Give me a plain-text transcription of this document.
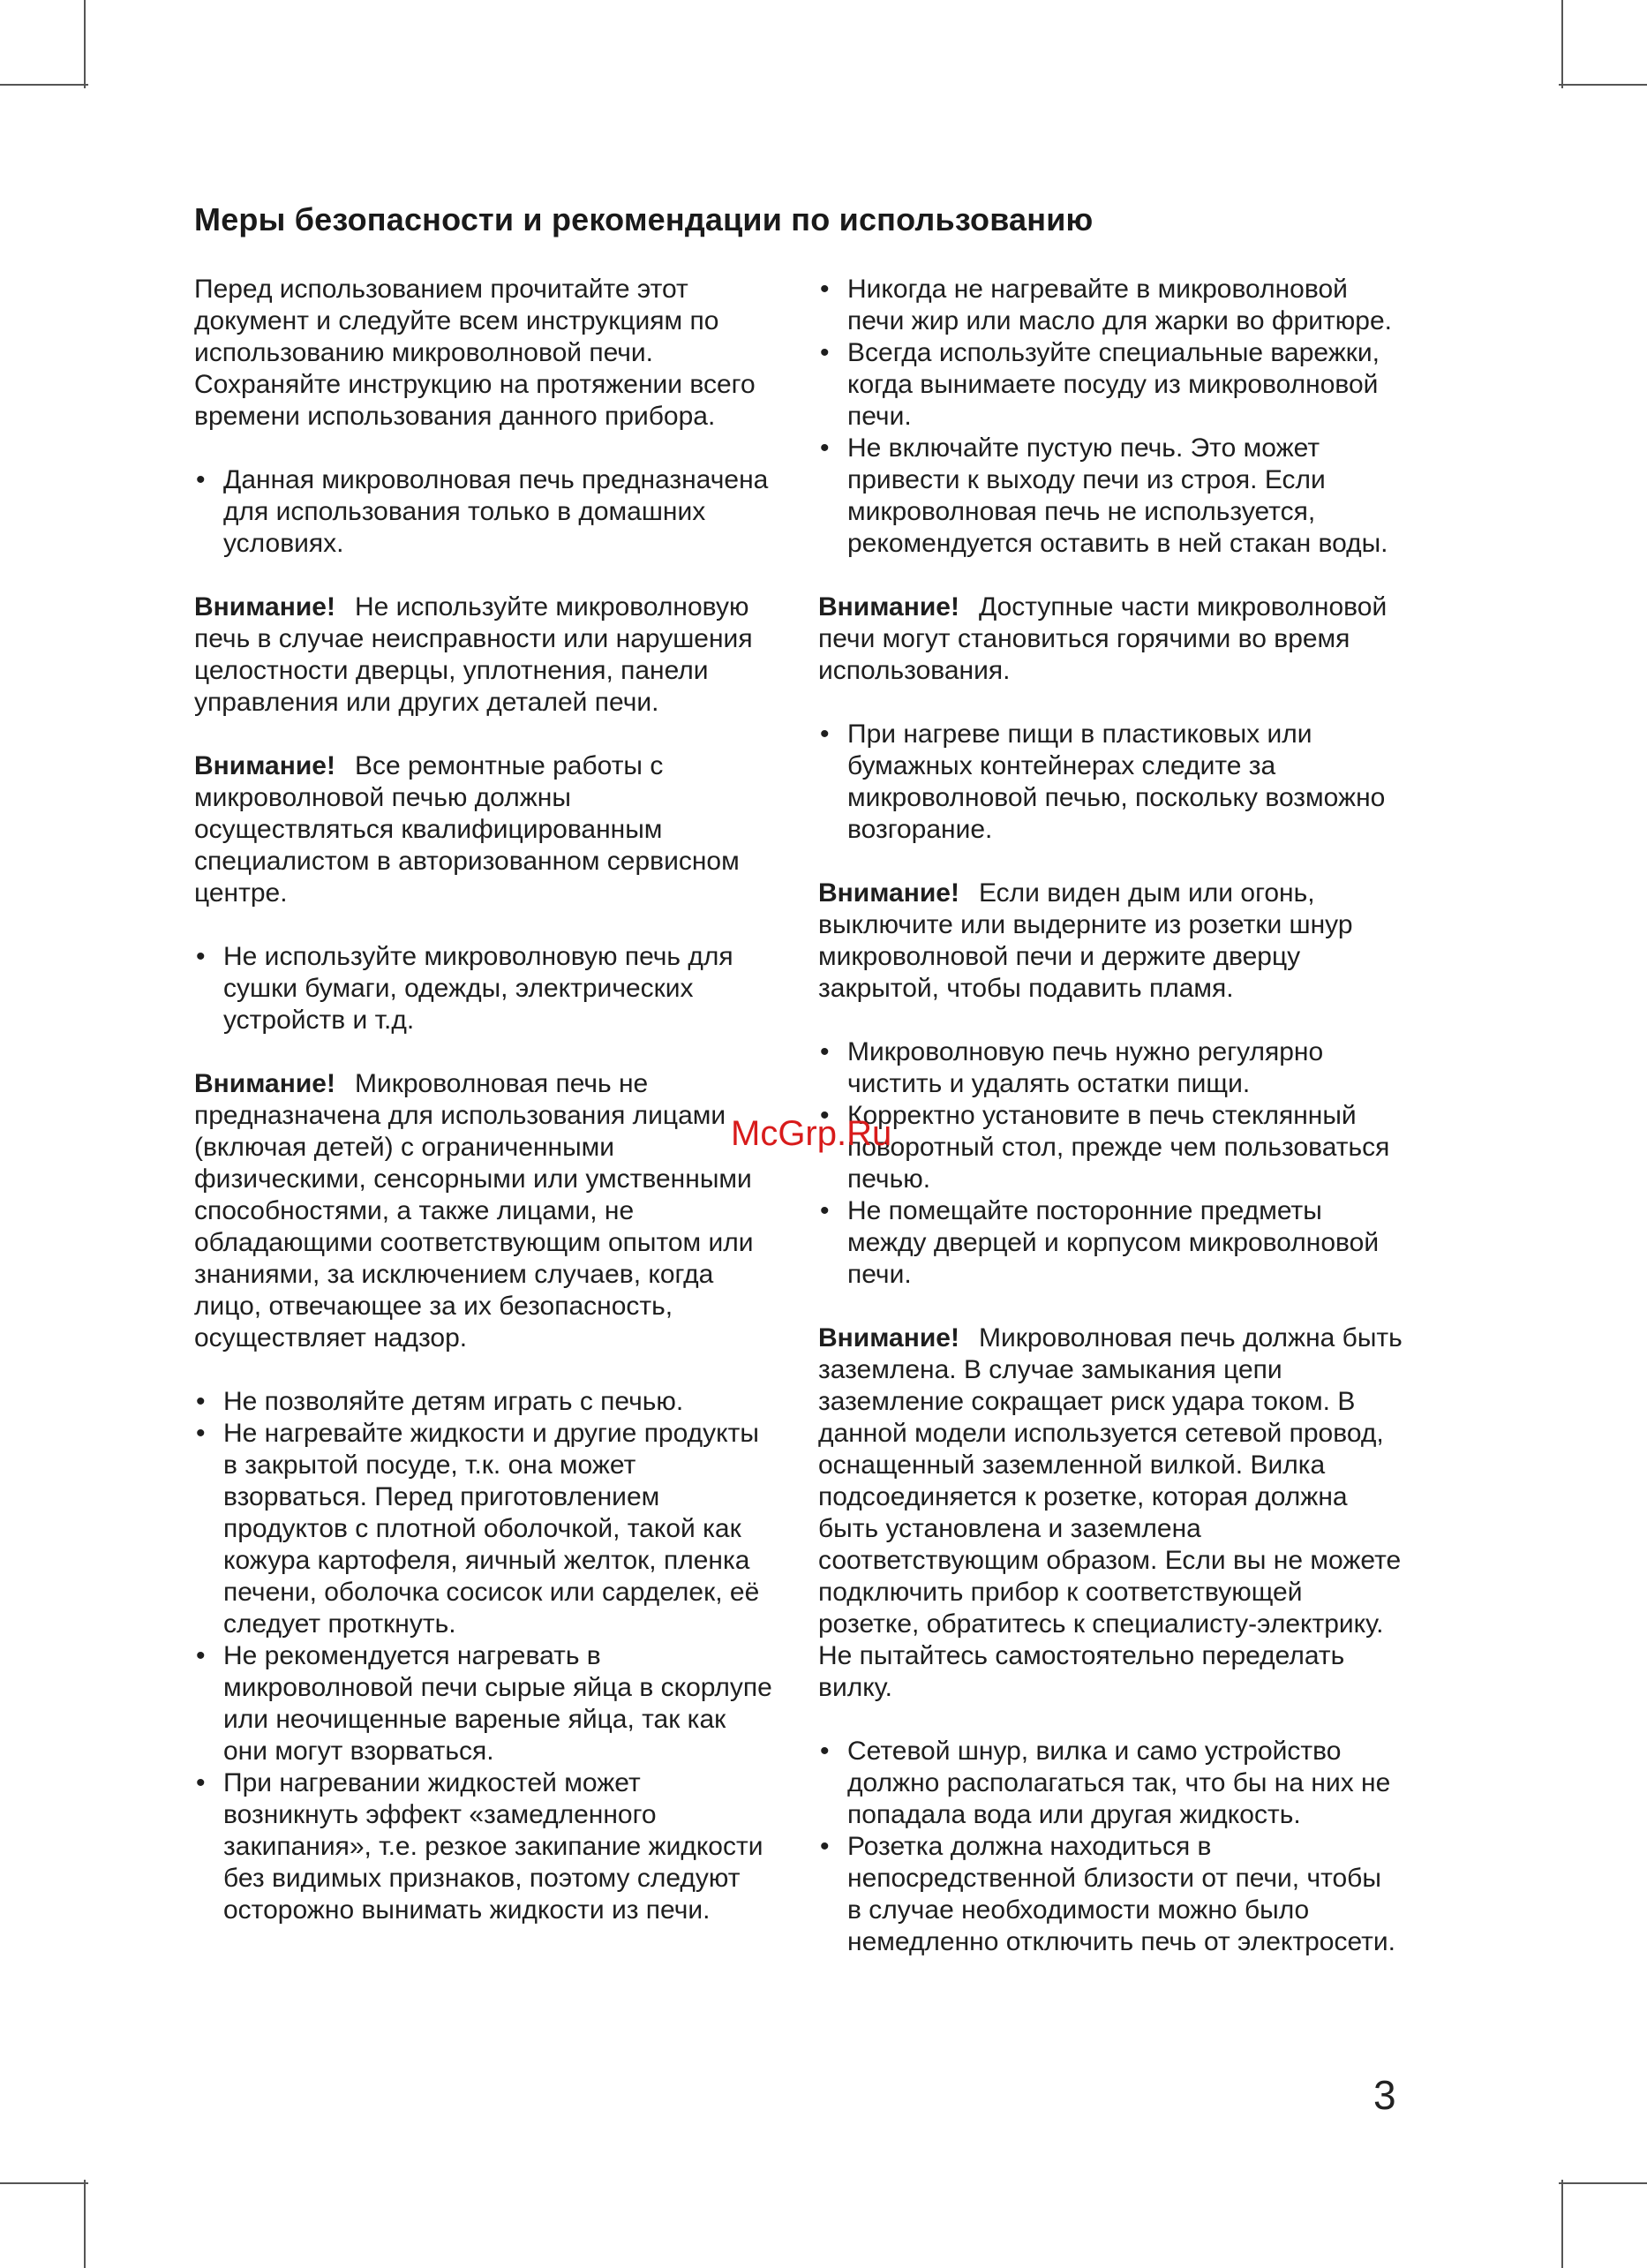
Меры безопасности и рекомендации по использованию

Перед использованием прочитайте этот документ и следуйте всем инструкциям по использованию микроволновой печи. Сохраняйте инструкцию на протяжении всего времени использования данного прибора.

• Данная микроволновая печь предназначена для использования только в домашних условиях.

Внимание! Не используйте микроволновую печь в случае неисправности или нарушения целостности дверцы, уплотнения, панели управления или других деталей печи.

Внимание! Все ремонтные работы с микроволновой печью должны осуществляться квалифицированным специалистом в авторизованном сервисном центре.

• Не используйте микроволновую печь для сушки бумаги, одежды, электрических устройств и т.д.

Внимание! Микроволновая печь не предназначена для использования лицами (включая детей) с ограниченными физическими, сенсорными или умственными способностями, а также лицами, не обладающими соответствующим опытом или знаниями, за исключением случаев, когда лицо, отвечающее за их безопасность, осуществляет надзор.

• Не позволяйте детям играть с печью.
• Не нагревайте жидкости и другие продукты в закрытой посуде, т.к. она может взорваться. Перед приготовлением продуктов с плотной оболочкой, такой как кожура картофеля, яичный желток, пленка печени, оболочка сосисок или сарделек, её следует проткнуть.
• Не рекомендуется нагревать в микроволновой печи сырые яйца в скорлупе или неочищенные вареные яйца, так как они могут взорваться.
• При нагревании жидкостей может возникнуть эффект «замедленного закипания», т.е. резкое закипание жидкости без видимых признаков, поэтому следуют осторожно вынимать жидкости из печи.
• Никогда не нагревайте в микроволновой печи жир или масло для жарки во фритюре.
• Всегда используйте специальные варежки, когда вынимаете посуду из микроволновой печи.
• Не включайте пустую печь. Это может привести к выходу печи из строя. Если микроволновая печь не используется, рекомендуется оставить в ней стакан воды.

Внимание! Доступные части микроволновой печи могут становиться горячими во время использования.

• При нагреве пищи в пластиковых или бумажных контейнерах следите за микроволновой печью, поскольку возможно возгорание.

Внимание! Если виден дым или огонь, выключите или выдерните из розетки шнур микроволновой печи и держите дверцу закрытой, чтобы подавить пламя.

• Микроволновую печь нужно регулярно чистить и удалять остатки пищи.
• Корректно установите в печь стеклянный поворотный стол, прежде чем пользоваться печью.
• Не помещайте посторонние предметы между дверцей и корпусом микроволновой печи.

Внимание! Микроволновая печь должна быть заземлена. В случае замыкания цепи заземление сокращает риск удара током. В данной модели используется сетевой провод, оснащенный заземленной вилкой. Вилка подсоединяется к розетке, которая должна быть установлена и заземлена соответствующим образом. Если вы не можете подключить прибор к соответствующей розетке, обратитесь к специалисту-электрику. Не пытайтесь самостоятельно переделать вилку.

• Сетевой шнур, вилка и само устройство должно располагаться так, что бы на них не попадала вода или другая жидкость.
• Розетка должна находиться в непосредственной близости от печи, чтобы в случае необходимости можно было немедленно отключить печь от электросети.
McGrp.Ru
3
